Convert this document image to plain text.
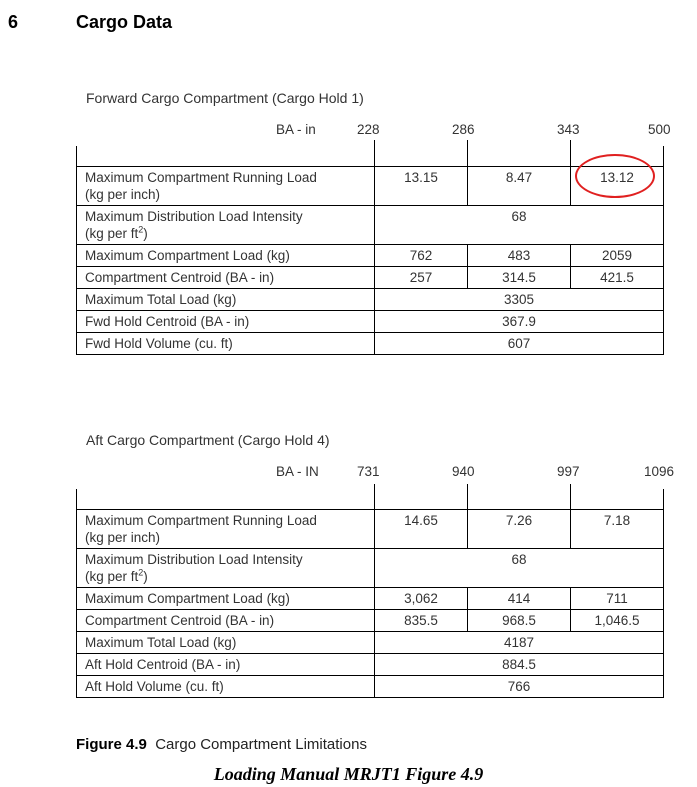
6	Cargo Data
Forward Cargo Compartment (Cargo Hold 1)
BA - in	228	286	343	500

Maximum Compartment Running Load
(kg per inch)	13.15	8.47	13.12

Maximum Distribution Load Intensity
(kg per $ft^2$)	68		
Maximum Compartment Load (kg)	762	483	2059
Compartment Centroid (BA - in)	257	314.5	421.5
Maximum Total Load (kg)	3305		
Fwd Hold Centroid (BA - in)	367.9		
Fwd Hold Volume (cu. ft)	607		
Aft Cargo Compartment (Cargo Hold 4)
BA - IN	731	940	997	1096

Maximum Compartment Running Load
(kg per inch)	14.65	7.26	7.18

Maximum Distribution Load Intensity
(kg per $ft^2$)	68		
Maximum Compartment Load (kg)	3,062	414	711
Compartment Centroid (BA - in)	835.5	968.5	1,046.5
Maximum Total Load (kg)	4187		
Aft Hold Centroid (BA - in)	884.5		
Aft Hold Volume (cu. ft)	766		
Figure 4.9 Cargo Compartment Limitations
Loading Manual MRJT1 Figure 4.9
